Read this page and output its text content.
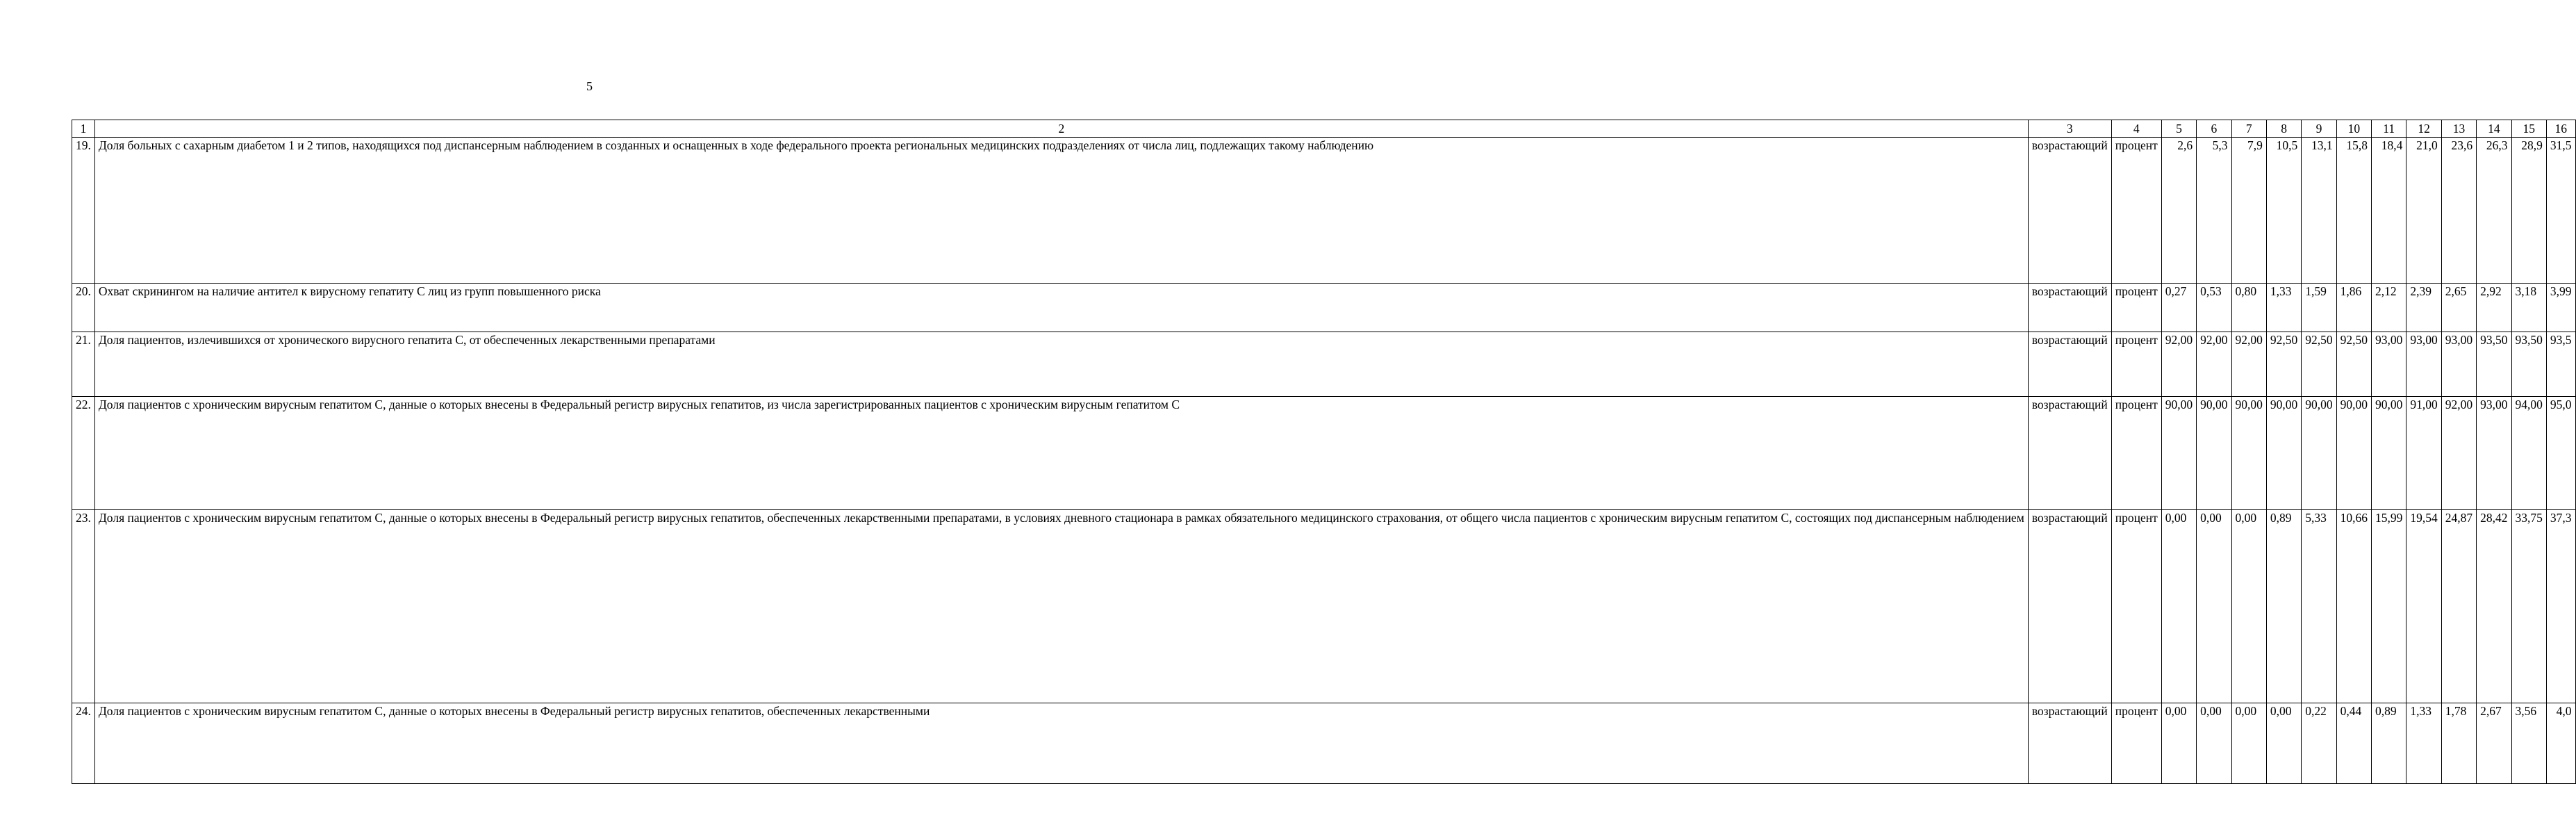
5
1	2	3	4	5	6	7	8	9	10	11	12	13	14	15	16
19.	Доля больных с сахарным диабетом 1 и 2 типов, находящихся под диспансерным наблюдением в созданных и оснащенных в ходе федерального проекта региональных медицинских подразделениях от числа лиц, подлежащих такому наблюдению	возрастающий	процент	2,6	5,3	7,9	10,5	13,1	15,8	18,4	21,0	23,6	26,3	28,9	31,5
20.	Охват скринингом на наличие антител к вирусному гепатиту С лиц из групп повышенного риска	возрастающий	процент	0,27	0,53	0,80	1,33	1,59	1,86	2,12	2,39	2,65	2,92	3,18	3,99
21.	Доля пациентов, излечившихся от хронического вирусного гепатита С, от обеспеченных лекарственными препаратами	возрастающий	процент	92,00	92,00	92,00	92,50	92,50	92,50	93,00	93,00	93,00	93,50	93,50	93,5
22.	Доля пациентов с хроническим вирусным гепатитом С, данные о которых внесены в Федеральный регистр вирусных гепатитов, из числа зарегистрированных пациентов с хроническим вирусным гепатитом С	возрастающий	процент	90,00	90,00	90,00	90,00	90,00	90,00	90,00	91,00	92,00	93,00	94,00	95,0
23.	Доля пациентов с хроническим вирусным гепатитом С, данные о которых внесены в Федеральный регистр вирусных гепатитов, обеспеченных лекарственными препаратами, в условиях дневного стационара в рамках обязательного медицинского страхования, от общего числа пациентов с хроническим вирусным гепатитом С, состоящих под диспансерным наблюдением	возрастающий	процент	0,00	0,00	0,00	0,89	5,33	10,66	15,99	19,54	24,87	28,42	33,75	37,3
24.	Доля пациентов с хроническим вирусным гепатитом С, данные о которых внесены в Федеральный регистр вирусных гепатитов, обеспеченных лекарственными	возрастающий	процент	0,00	0,00	0,00	0,00	0,22	0,44	0,89	1,33	1,78	2,67	3,56	4,0
